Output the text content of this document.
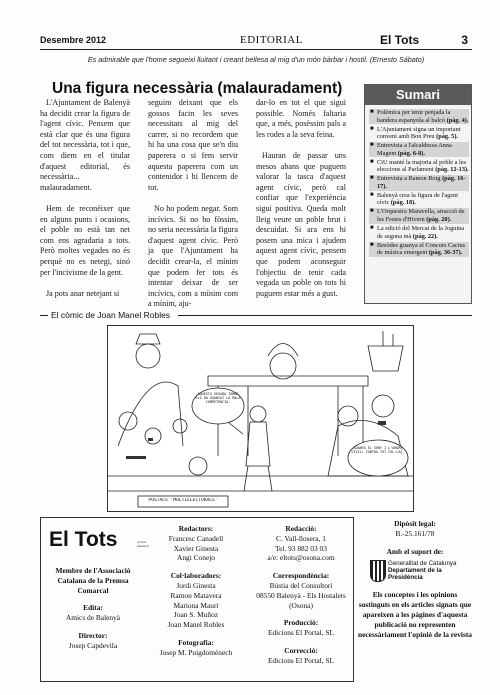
Desembre 2012	EDITORIAL	El Tots	3
Es admirable que l'home segueixi lluitant i creant bellesa al mig d'un món bàrbar i hostil. (Ernesto Sábato)
Una figura necessària (malauradament)

L'Ajuntament de Balenyà ha decidit crear la figura de l'agent cívic. Pensem que està clar que és una figura del tot necessària, tot i que, com diem en el titular d'aquest editorial, és necessària... malauradament.

Hem de reconèixer que en alguns punts i ocasions, el poble no està tan net com ens agradaria a tots. Però moltes vegades no és perquè no es netegi, sinó per l'incivisme de la gent.

Ja pots anar netejant si

seguim deixant que els gossos facin les seves necessitats al mig del carrer, si no recordem que hi ha una cosa que se'n diu paperera o si fem servir aquesta paperera com un contenidor i hi llencem de tot.

No ho podem negar. Som incívics. Si no ho fòssim, no seria necessària la figura d'aquest agent cívic. Però ja que l'Ajuntament ha decidit crear-la, el mínim que podem fer tots és intentar deixar de ser incívics, com a mínim com a mínim, aju-

dar-lo en tot el que sigui possible. Només faltaria que, a més, posèssim pals a les rodes a la seva feina.

Hauran de passar uns mesos abans que puguem valorar la tasca d'aquest agent cívic, però cal confiar que l'experiència sigui positiva. Queda molt lleig veure un poble brut i descuidat. Si ara ens hi posem una mica i ajudem aquest agent cívic, pensem que podem aconseguir l'objectiu de tenir cada vegada un poble on tots hi puguem estar més a gust.

Sumari
■ Polèmica per tenir penjada la bandera espanyola al balcó (pàg. 4).
■ L'Ajuntament signa un important conveni amb Bon Preu (pàg. 5).
■ Entrevista a l'alcaldessa Anna Magem (pàg. 6-8).
■ CiU manté la majoria al poble a les eleccions al Parlament (pàg. 12-13).
■ Entrevista a Ramon Roig (pàg. 16-17).
■ Balenyà crea la figura de l'agent cívic (pàg. 18).
■ L'Orquestra Maravella, atracció de les Festes d'Hivern (pàg. 20).
■ La edició del Mercat de la Joguina de segona mà (pàg. 22).
■ Besòdes guanya el Concurs Cactus de música emergent (pàg. 36-37).
El còmic de Joan Manel Robles
AQUESTA VEGADA TAMBÉ ELS HA GUANYAT LA MALA COMPETÈNCIA.
GUANYA EL SENY I L'ORDRE CIVIL! CONTRA TOT FAL·LAÇ.
POSTALS 'MULTIELECTORALS'
El Tots	revista mensual
Membre de l'Associació Catalana de la Premsa Comarcal
Edita:
Amics de Balenyà
Director:
Josep Capdevila
Redactors:
Francesc Canadell
Xavier Ginesta
Angi Conejo
Col·laboradors:
Jordi Ginesta
Ramon Matavera
Mariona Mauri
Joan S. Muñoz
Joan Manel Robles
Fotografia:
Josep M. Puigdomènech
Redacció:
C. Vall-llosera, 1
Tel. 93 882 03 03
a/e: eltots@osona.com
Correspondència:
Bústia del Consultori
08550 Balenyà - Els Hostalets
(Osona)
Producció:
Edicions El Portal, SL
Correcció:
Edicions El Portal, SL
Dipòsit legal:
B.-25.161/78
Amb el suport de:
Generalitat de Catalunya
Departament de la Presidència
Els conceptes i les opinions sostinguts en els articles signats que apareixen a les pàgines d'aquesta publicació no representen necessàriament l'opinió de la revista
